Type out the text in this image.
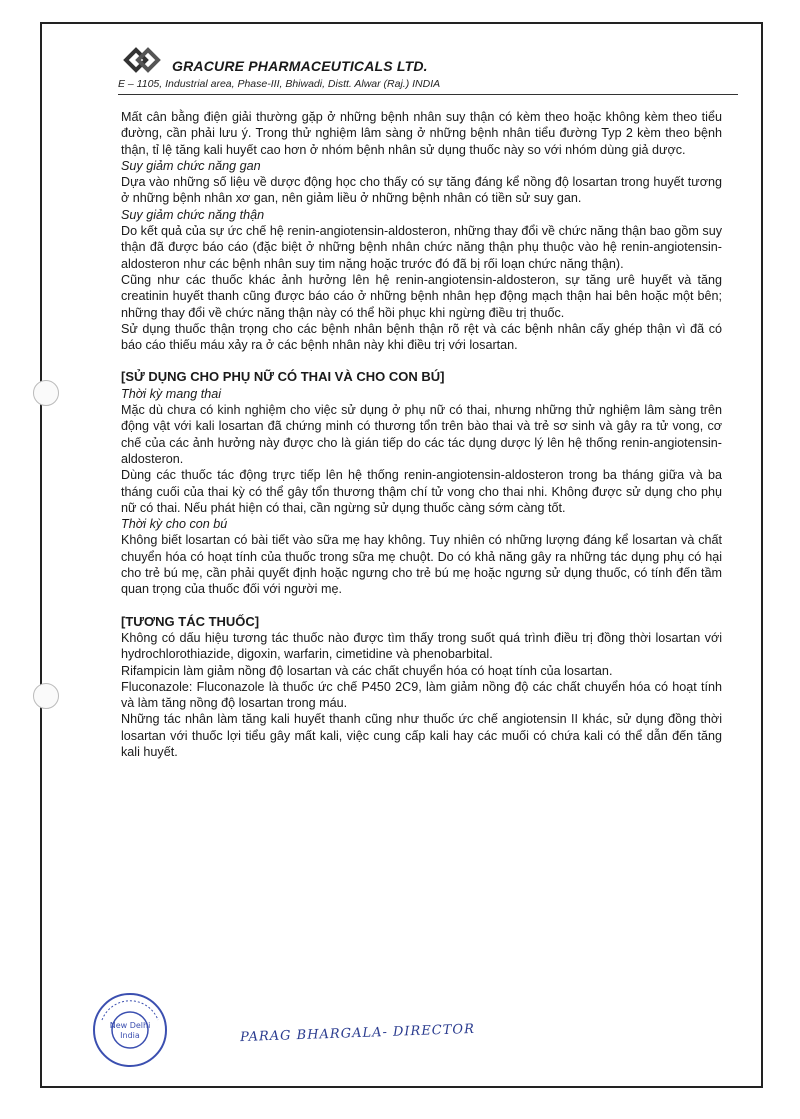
GRACURE PHARMACEUTICALS LTD.
E – 1105, Industrial area, Phase-III, Bhiwadi, Distt. Alwar (Raj.) INDIA

Mất cân bằng điện giải thường gặp ở những bệnh nhân suy thận có kèm theo hoặc không kèm theo tiểu đường, cần phải lưu ý. Trong thử nghiệm lâm sàng ở những bệnh nhân tiểu đường Typ 2 kèm theo bệnh thận, tỉ lệ tăng kali huyết cao hơn ở nhóm bệnh nhân sử dụng thuốc này so với nhóm dùng giả dược.

Suy giảm chức năng gan

Dựa vào những số liệu về dược động học cho thấy có sự tăng đáng kể nồng độ losartan trong huyết tương ở những bệnh nhân xơ gan, nên giảm liều ở những bệnh nhân có tiền sử suy gan.

Suy giảm chức năng thận

Do kết quả của sự ức chế hệ renin-angiotensin-aldosteron, những thay đổi về chức năng thận bao gồm suy thận đã được báo cáo (đặc biệt ở những bệnh nhân chức năng thận phụ thuộc vào hệ renin-angiotensin-aldosteron như các bệnh nhân suy tim nặng hoặc trước đó đã bị rối loạn chức năng thận).

Cũng như các thuốc khác ảnh hưởng lên hệ renin-angiotensin-aldosteron, sự tăng urê huyết và tăng creatinin huyết thanh cũng được báo cáo ở những bệnh nhân hẹp động mạch thận hai bên hoặc một bên; những thay đổi về chức năng thận này có thể hồi phục khi ngừng điều trị thuốc.

Sử dụng thuốc thận trọng cho các bệnh nhân bệnh thận rõ rệt và các bệnh nhân cấy ghép thận vì đã có báo cáo thiếu máu xảy ra ở các bệnh nhân này khi điều trị với losartan.

[SỬ DỤNG CHO PHỤ NỮ CÓ THAI VÀ CHO CON BÚ]

Thời kỳ mang thai

Mặc dù chưa có kinh nghiệm cho việc sử dụng ở phụ nữ có thai, nhưng những thử nghiệm lâm sàng trên động vật với kali losartan đã chứng minh có thương tổn trên bào thai và trẻ sơ sinh và gây ra tử vong, cơ chế của các ảnh hưởng này được cho là gián tiếp do các tác dụng dược lý lên hệ thống renin-angiotensin-aldosteron.

Dùng các thuốc tác động trực tiếp lên hệ thống renin-angiotensin-aldosteron trong ba tháng giữa và ba tháng cuối của thai kỳ có thể gây tổn thương thậm chí tử vong cho thai nhi. Không được sử dụng cho phụ nữ có thai. Nếu phát hiện có thai, cần ngừng sử dụng thuốc càng sớm càng tốt.

Thời kỳ cho con bú

Không biết losartan có bài tiết vào sữa mẹ hay không. Tuy nhiên có những lượng đáng kể losartan và chất chuyển hóa có hoạt tính của thuốc trong sữa mẹ chuột. Do có khả năng gây ra những tác dụng phụ có hại cho trẻ bú mẹ, cần phải quyết định hoặc ngưng cho trẻ bú mẹ hoặc ngưng sử dụng thuốc, có tính đến tầm quan trọng của thuốc đối với người mẹ.

[TƯƠNG TÁC THUỐC]

Không có dấu hiệu tương tác thuốc nào được tìm thấy trong suốt quá trình điều trị đồng thời losartan với hydrochlorothiazide, digoxin, warfarin, cimetidine và phenobarbital.

Rifampicin làm giảm nồng độ losartan và các chất chuyển hóa có hoạt tính của losartan.

Fluconazole: Fluconazole là thuốc ức chế P450 2C9, làm giảm nồng độ các chất chuyển hóa có hoạt tính và làm tăng nồng độ losartan trong máu.

Những tác nhân làm tăng kali huyết thanh cũng như thuốc ức chế angiotensin II khác, sử dụng đồng thời losartan với thuốc lợi tiểu gây mất kali, việc cung cấp kali hay các muối có chứa kali có thể dẫn đến tăng kali huyết.

New Delhi
India	PARAG BHARGALA- DIRECTOR
